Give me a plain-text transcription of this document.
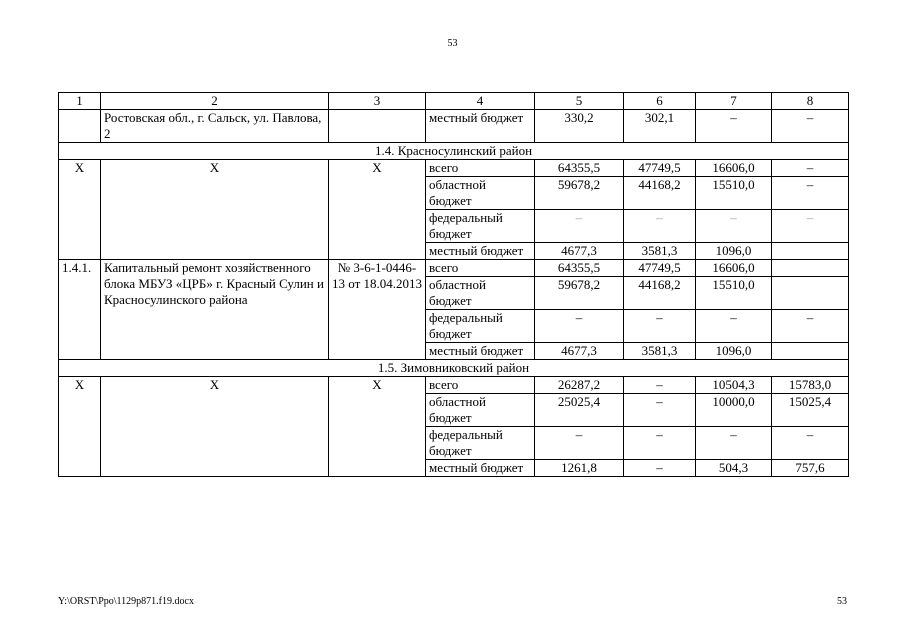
53
1	2	3	4	5	6	7	8
	Ростовская обл., г. Сальск, ул. Павлова, 2		местный бюджет	330,2	302,1	–	–
1.4. Красносулинский район							
Х	Х	Х	всего	64355,5	47749,5	16606,0	–
			областной бюджет	59678,2	44168,2	15510,0	–
			федеральный бюджет	–	–	–	–
			местный бюджет	4677,3	3581,3	1096,0	
1.4.1.	Капитальный ремонт хозяйственного блока МБУЗ «ЦРБ» г. Красный Сулин и Красносулинского района	№ 3-6-1-0446-13 от 18.04.2013	всего	64355,5	47749,5	16606,0	
			областной бюджет	59678,2	44168,2	15510,0	
			федеральный бюджет	–	–	–	–
			местный бюджет	4677,3	3581,3	1096,0	
1.5. Зимовниковский район							
Х	Х	Х	всего	26287,2	–	10504,3	15783,0
			областной бюджет	25025,4	–	10000,0	15025,4
			федеральный бюджет	–	–	–	–
			местный бюджет	1261,8	–	504,3	757,6
Y:\ORST\Ppo\1129p871.f19.docx	53
